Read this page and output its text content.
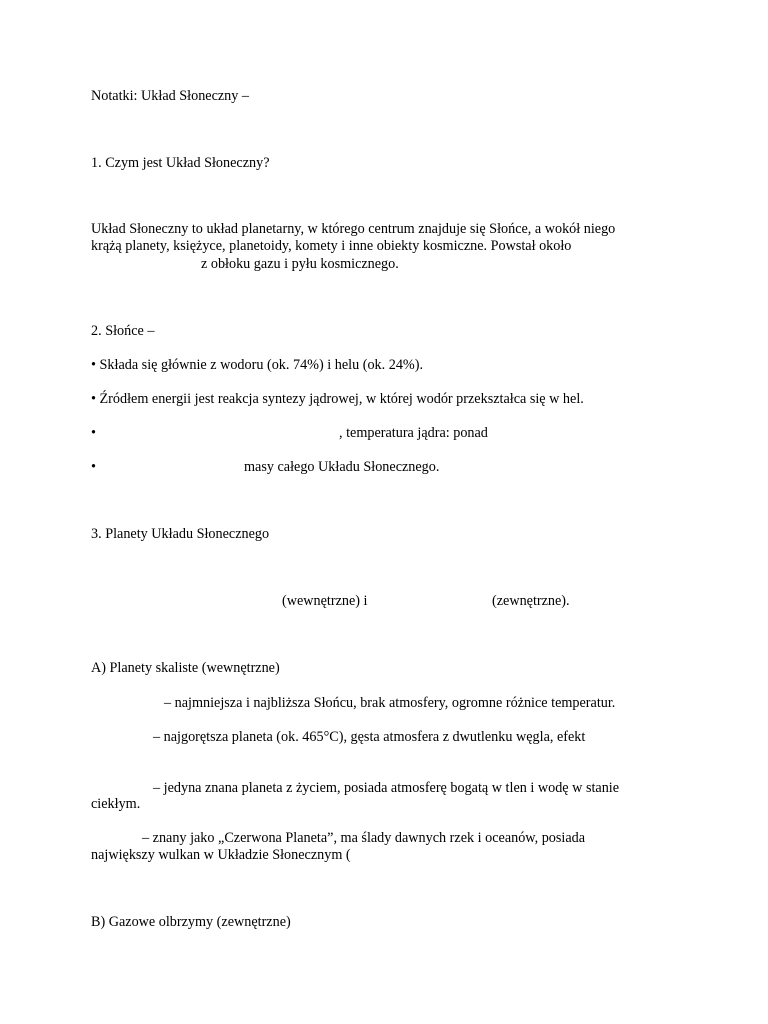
Notatki: Układ Słoneczny –
1. Czym jest Układ Słoneczny?
Układ Słoneczny to układ planetarny, w którego centrum znajduje się Słońce, a wokół niego
krążą planety, księżyce, planetoidy, komety i inne obiekty kosmiczne. Powstał około
z obłoku gazu i pyłu kosmicznego.
2. Słońce –
• Składa się głównie z wodoru (ok. 74%) i helu (ok. 24%).
• Źródłem energii jest reakcja syntezy jądrowej, w której wodór przekształca się w hel.
•	, temperatura jądra: ponad
•	masy całego Układu Słonecznego.
3. Planety Układu Słonecznego
(wewnętrzne) i	(zewnętrzne).
A) Planety skaliste (wewnętrzne)
– najmniejsza i najbliższa Słońcu, brak atmosfery, ogromne różnice temperatur.
– najgorętsza planeta (ok. 465°C), gęsta atmosfera z dwutlenku węgla, efekt
– jedyna znana planeta z życiem, posiada atmosferę bogatą w tlen i wodę w stanie
ciekłym.
– znany jako „Czerwona Planeta”, ma ślady dawnych rzek i oceanów, posiada
największy wulkan w Układzie Słonecznym (
B) Gazowe olbrzymy (zewnętrzne)
